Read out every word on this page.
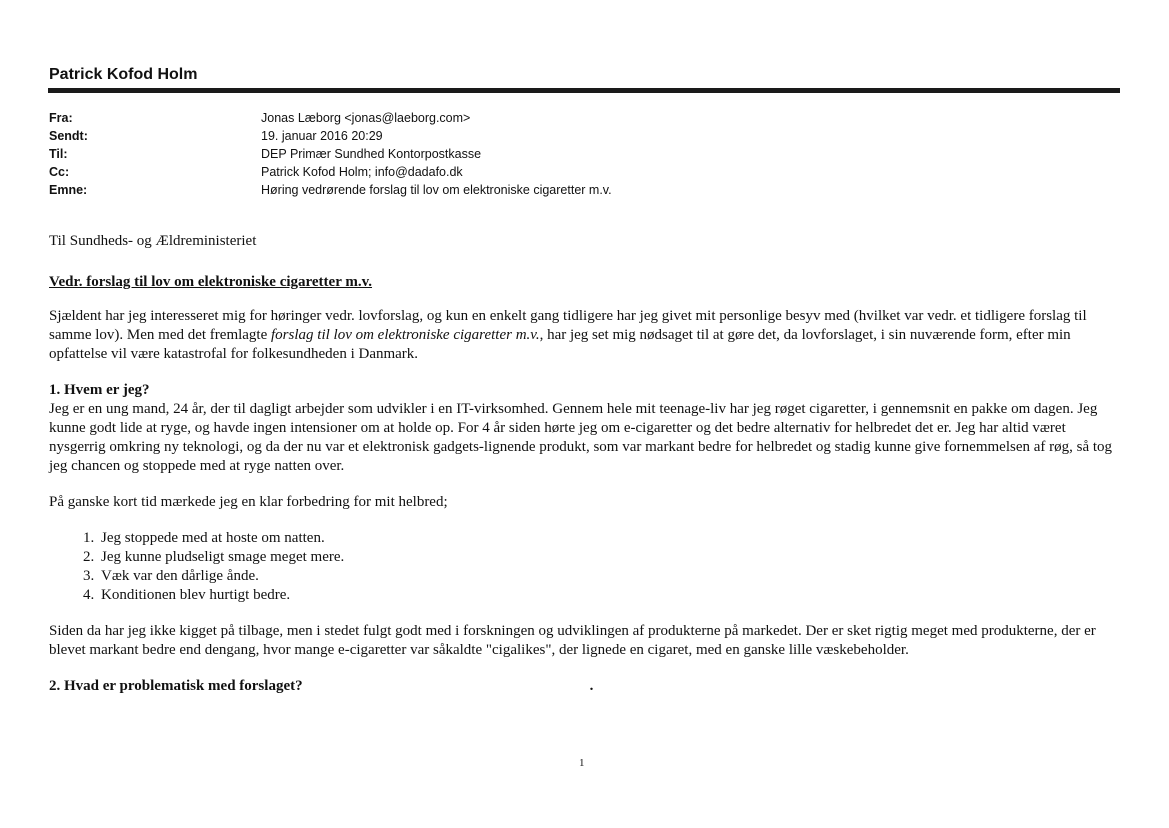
Patrick Kofod Holm
Fra:	Jonas Læborg <jonas@laeborg.com>
Sendt:	19. januar 2016 20:29
Til:	DEP Primær Sundhed Kontorpostkasse
Cc:	Patrick Kofod Holm; info@dadafo.dk
Emne:	Høring vedrørende forslag til lov om elektroniske cigaretter m.v.

Til Sundheds- og Ældreministeriet

Vedr. forslag til lov om elektroniske cigaretter m.v.

Sjældent har jeg interesseret mig for høringer vedr. lovforslag, og kun en enkelt gang tidligere har jeg givet mit personlige besyv med (hvilket var vedr. et tidligere forslag til samme lov). Men med det fremlagte forslag til lov om elektroniske cigaretter m.v., har jeg set mig nødsaget til at gøre det, da lovforslaget, i sin nuværende form, efter min opfattelse vil være katastrofal for folkesundheden i Danmark.

1. Hvem er jeg?

Jeg er en ung mand, 24 år, der til dagligt arbejder som udvikler i en IT-virksomhed. Gennem hele mit teenage-liv har jeg røget cigaretter, i gennemsnit en pakke om dagen. Jeg kunne godt lide at ryge, og havde ingen intensioner om at holde op. For 4 år siden hørte jeg om e-cigaretter og det bedre alternativ for helbredet det er. Jeg har altid været nysgerrig omkring ny teknologi, og da der nu var et elektronisk gadgets-lignende produkt, som var markant bedre for helbredet og stadig kunne give fornemmelsen af røg, så tog jeg chancen og stoppede med at ryge natten over.

På ganske kort tid mærkede jeg en klar forbedring for mit helbred;

1. Jeg stoppede med at hoste om natten.
2. Jeg kunne pludseligt smage meget mere.
3. Væk var den dårlige ånde.
4. Konditionen blev hurtigt bedre.

Siden da har jeg ikke kigget på tilbage, men i stedet fulgt godt med i forskningen og udviklingen af produkterne på markedet. Der er sket rigtig meget med produkterne, der er blevet markant bedre end dengang, hvor mange e-cigaretter var såkaldte "cigalikes", der lignede en cigaret, med en ganske lille væskebeholder.

2. Hvad er problematisk med forslaget?	.

1
